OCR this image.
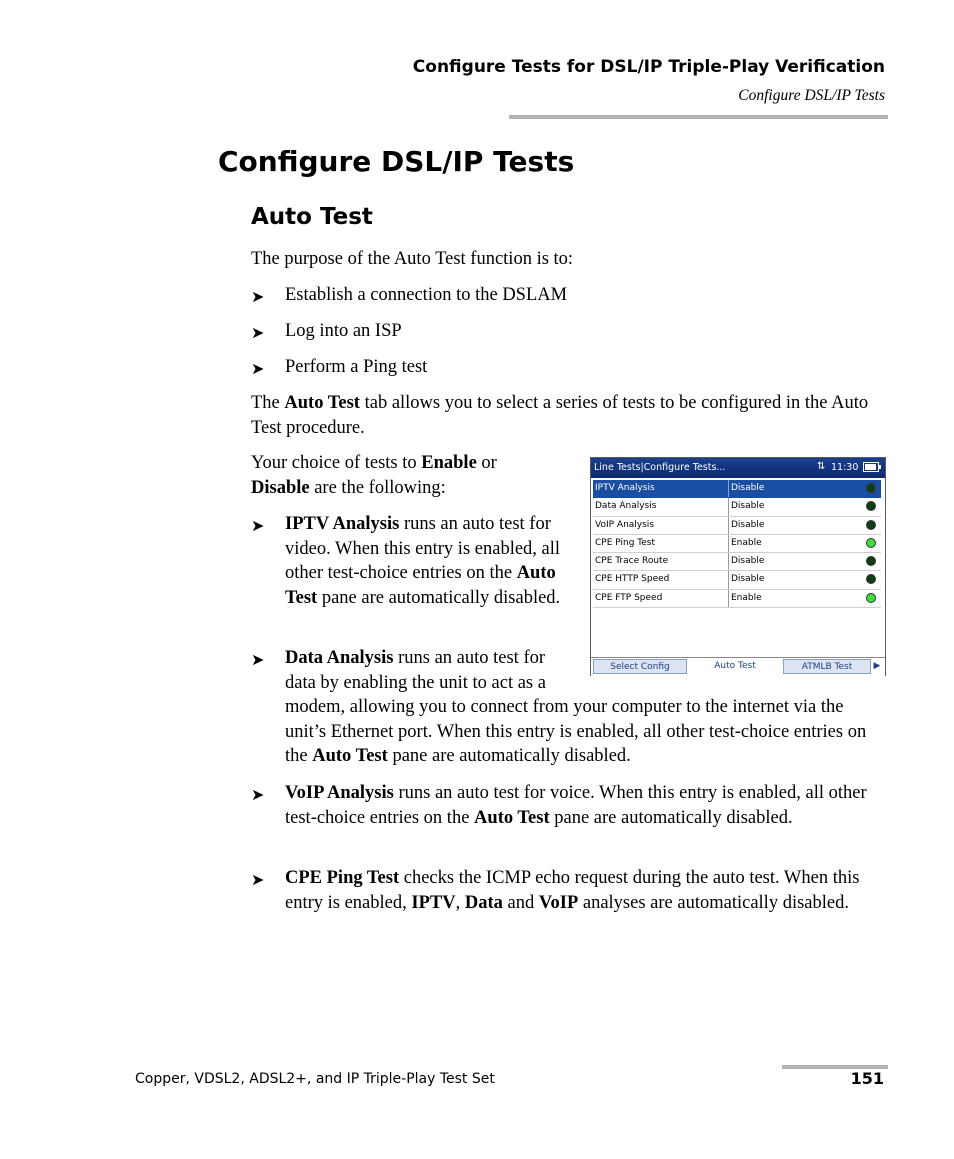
Configure Tests for DSL/IP Triple-Play Verification
Configure DSL/IP Tests
Configure DSL/IP Tests
Auto Test
The purpose of the Auto Test function is to:
➤ Establish a connection to the DSLAM
➤ Log into an ISP
➤ Perform a Ping test
The Auto Test tab allows you to select a series of tests to be configured in the Auto Test procedure.
Your choice of tests to Enable or
Disable are the following:
➤ IPTV Analysis runs an auto test for video. When this entry is enabled, all other test-choice entries on the Auto Test pane are automatically disabled.
➤ Data Analysis runs an auto test for data by enabling the unit to act as a modem, allowing you to connect from your computer to the internet via the unit’s Ethernet port. When this entry is enabled, all other test-choice entries on the Auto Test pane are automatically disabled.
➤ VoIP Analysis runs an auto test for voice. When this entry is enabled, all other test-choice entries on the Auto Test pane are automatically disabled.
➤ CPE Ping Test checks the ICMP echo request during the auto test. When this entry is enabled, IPTV, Data and VoIP analyses are automatically disabled.
Line Tests|Configure Tests...	⇅ 11:30
IPTV Analysis	Disable
Data Analysis	Disable
VoIP Analysis	Disable
CPE Ping Test	Enable
CPE Trace Route	Disable
CPE HTTP Speed	Disable
CPE FTP Speed	Enable
Select Config	Auto Test	ATMLB Test	▶
Copper, VDSL2, ADSL2+, and IP Triple-Play Test Set	151
